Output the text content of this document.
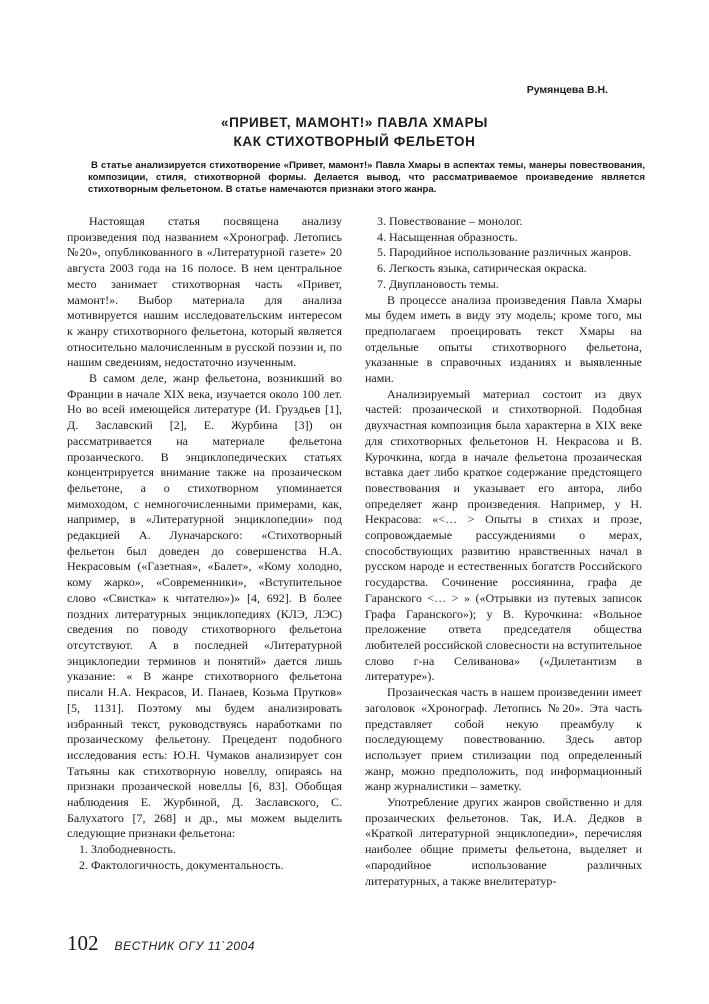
Румянцева В.Н.
«ПРИВЕТ, МАМОНТ!» ПАВЛА ХМАРЫ
КАК СТИХОТВОРНЫЙ ФЕЛЬЕТОН
В статье анализируется стихотворение «Привет, мамонт!» Павла Хмары в аспектах темы, манеры повествования, композиции, стиля, стихотворной формы. Делается вывод, что рассматриваемое произведение является стихотворным фельетоном. В статье намечаются признаки этого жанра.

Настоящая статья посвящена анализу произведения под названием «Хронограф. Летопись №20», опубликованного в «Литературной газете» 20 августа 2003 года на 16 полосе. В нем центральное место занимает стихотворная часть «Привет, мамонт!». Выбор материала для анализа мотивируется нашим исследовательским интересом к жанру стихотворного фельетона, который является относительно малочисленным в русской поэзии и, по нашим сведениям, недостаточно изученным.

В самом деле, жанр фельетона, возникший во Франции в начале XIX века, изучается около 100 лет. Но во всей имеющейся литературе (И. Груздьев [1], Д. Заславский [2], Е. Журбина [3]) он рассматривается на материале фельетона прозаического. В энциклопедических статьях концентрируется внимание также на прозаическом фельетоне, а о стихотворном упоминается мимоходом, с немногочисленными примерами, как, например, в «Литературной энциклопедии» под редакцией А. Луначарского: «Стихотворный фельетон был доведен до совершенства Н.А. Некрасовым («Газетная», «Балет», «Кому холодно, кому жарко», «Современники», «Вступительное слово «Свистка» к читателю»)» [4, 692]. В более поздних литературных энциклопедиях (КЛЭ, ЛЭС) сведения по поводу стихотворного фельетона отсутствуют. А в последней «Литературной энциклопедии терминов и понятий» дается лишь указание: « В жанре стихотворного фельетона писали Н.А. Некрасов, И. Панаев, Козьма Прутков» [5, 1131]. Поэтому мы будем анализировать избранный текст, руководствуясь наработками по прозаическому фельетону. Прецедент подобного исследования есть: Ю.Н. Чумаков анализирует сон Татьяны как стихотворную новеллу, опираясь на признаки прозаической новеллы [6, 83]. Обобщая наблюдения Е. Журбиной, Д. Заславского, С. Балухатого [7, 268] и др., мы можем выделить следующие признаки фельетона:

1. Злободневность.
2. Фактологичность, документальность.
3. Повествование – монолог.
4. Насыщенная образность.
5. Пародийное использование различных жанров.
6. Легкость языка, сатирическая окраска.
7. Двуплановость темы.

В процессе анализа произведения Павла Хмары мы будем иметь в виду эту модель; кроме того, мы предполагаем проецировать текст Хмары на отдельные опыты стихотворного фельетона, указанные в справочных изданиях и выявленные нами.

Анализируемый материал состоит из двух частей: прозаической и стихотворной. Подобная двухчастная композиция была характерна в XIX веке для стихотворных фельетонов Н. Некрасова и В. Курочкина, когда в начале фельетона прозаическая вставка дает либо краткое содержание предстоящего повествования и указывает его автора, либо определяет жанр произведения. Например, у Н. Некрасова: «<… > Опыты в стихах и прозе, сопровождаемые рассуждениями о мерах, способствующих развитию нравственных начал в русском народе и естественных богатств Российского государства. Сочинение россиянина, графа де Гаранского <… > » («Отрывки из путевых записок Графа Гаранского»); у В. Курочкина: «Вольное преложение ответа председателя общества любителей российской словесности на вступительное слово г-на Селиванова» («Дилетантизм в литературе»).

Прозаическая часть в нашем произведении имеет заголовок «Хронограф. Летопись №20». Эта часть представляет собой некую преамбулу к последующему повествованию. Здесь автор использует прием стилизации под определенный жанр, можно предположить, под информационный жанр журналистики – заметку.

Употребление других жанров свойственно и для прозаических фельетонов. Так, И.А. Дедков в «Краткой литературной энциклопедии», перечисляя наиболее общие приметы фельетона, выделяет и «пародийное использование различных литературных, а также внелитератур-

102 ВЕСТНИК ОГУ 11`2004
